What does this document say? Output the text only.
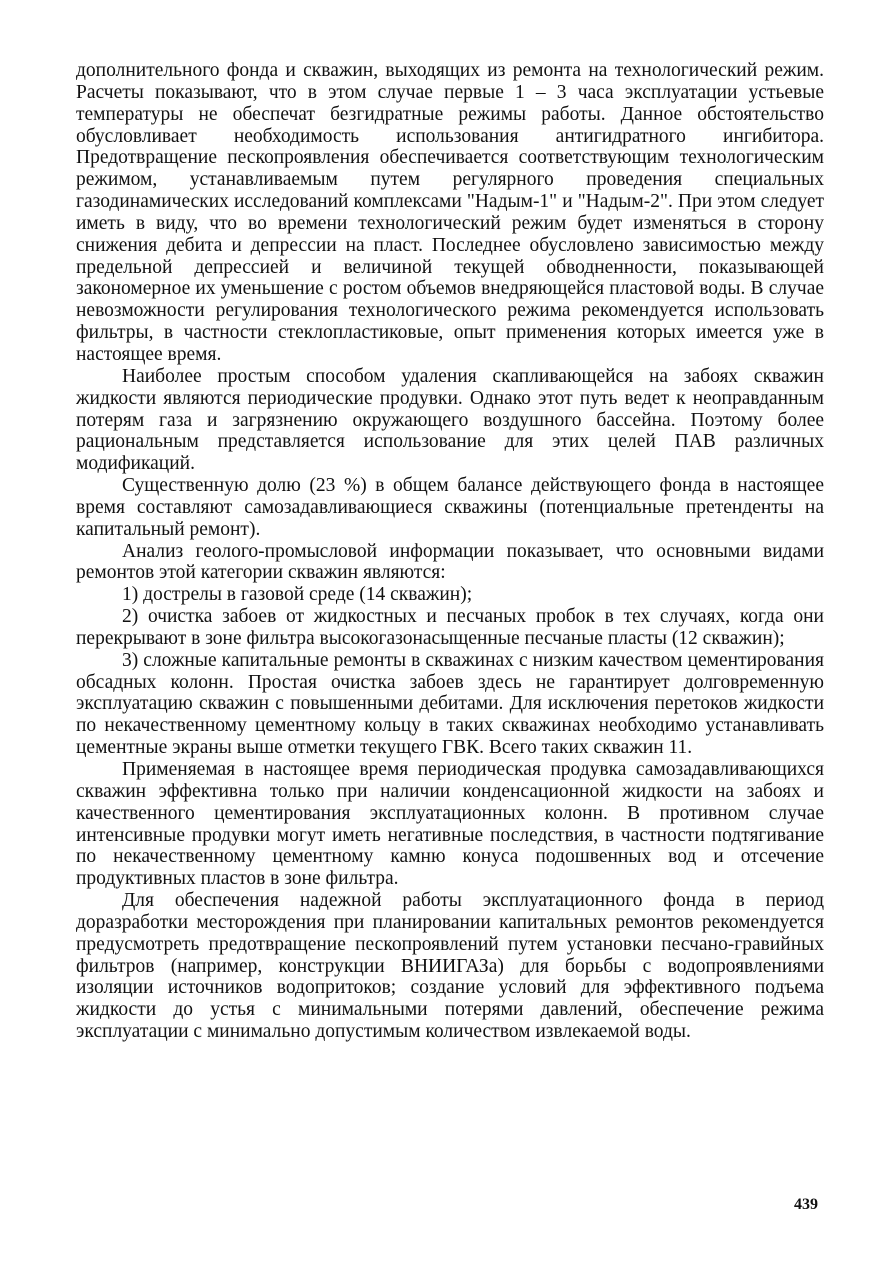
дополнительного фонда и скважин, выходящих из ремонта на технологический режим. Расчеты показывают, что в этом случае первые 1 – 3 часа эксплуатации устьевые температуры не обеспечат безгидратные режимы работы. Данное обстоятельство обусловливает необходимость использования антигидратного ингибитора. Предотвращение пескопроявления обеспечивается соответствующим технологическим режимом, устанавливаемым путем регулярного проведения специальных газодинамических исследований комплексами "Надым-1" и "Надым-2". При этом следует иметь в виду, что во времени технологический режим будет изменяться в сторону снижения дебита и депрессии на пласт. Последнее обусловлено зависимостью между предельной депрессией и величиной текущей обводненности, показывающей закономерное их уменьшение с ростом объемов внедряющейся пластовой воды. В случае невозможности регулирования технологического режима рекомендуется использовать фильтры, в частности стеклопластиковые, опыт применения которых имеется уже в настоящее время.

Наиболее простым способом удаления скапливающейся на забоях скважин жидкости являются периодические продувки. Однако этот путь ведет к неоправданным потерям газа и загрязнению окружающего воздушного бассейна. Поэтому более рациональным представляется использование для этих целей ПАВ различных модификаций.

Существенную долю (23 %) в общем балансе действующего фонда в настоящее время составляют самозадавливающиеся скважины (потенциальные претенденты на капитальный ремонт).

Анализ геолого-промысловой информации показывает, что основными видами ремонтов этой категории скважин являются:

1) дострелы в газовой среде (14 скважин);

2) очистка забоев от жидкостных и песчаных пробок в тех случаях, когда они перекрывают в зоне фильтра высокогазонасыщенные песчаные пласты (12 скважин);

3) сложные капитальные ремонты в скважинах с низким качеством цементирования обсадных колонн. Простая очистка забоев здесь не гарантирует долговременную эксплуатацию скважин с повышенными дебитами. Для исключения перетоков жидкости по некачественному цементному кольцу в таких скважинах необходимо устанавливать цементные экраны выше отметки текущего ГВК. Всего таких скважин 11.

Применяемая в настоящее время периодическая продувка самозадавливающихся скважин эффективна только при наличии конденсационной жидкости на забоях и качественного цементирования эксплуатационных колонн. В противном случае интенсивные продувки могут иметь негативные последствия, в частности подтягивание по некачественному цементному камню конуса подошвенных вод и отсечение продуктивных пластов в зоне фильтра.

Для обеспечения надежной работы эксплуатационного фонда в период доразработки месторождения при планировании капитальных ремонтов рекомендуется предусмотреть предотвращение пескопроявлений путем установки песчано-гравийных фильтров (например, конструкции ВНИИГАЗа) для борьбы с водопроявлениями изоляции источников водопритоков; создание условий для эффективного подъема жидкости до устья с минимальными потерями давлений, обеспечение режима эксплуатации с минимально допустимым количеством извлекаемой воды.

439
